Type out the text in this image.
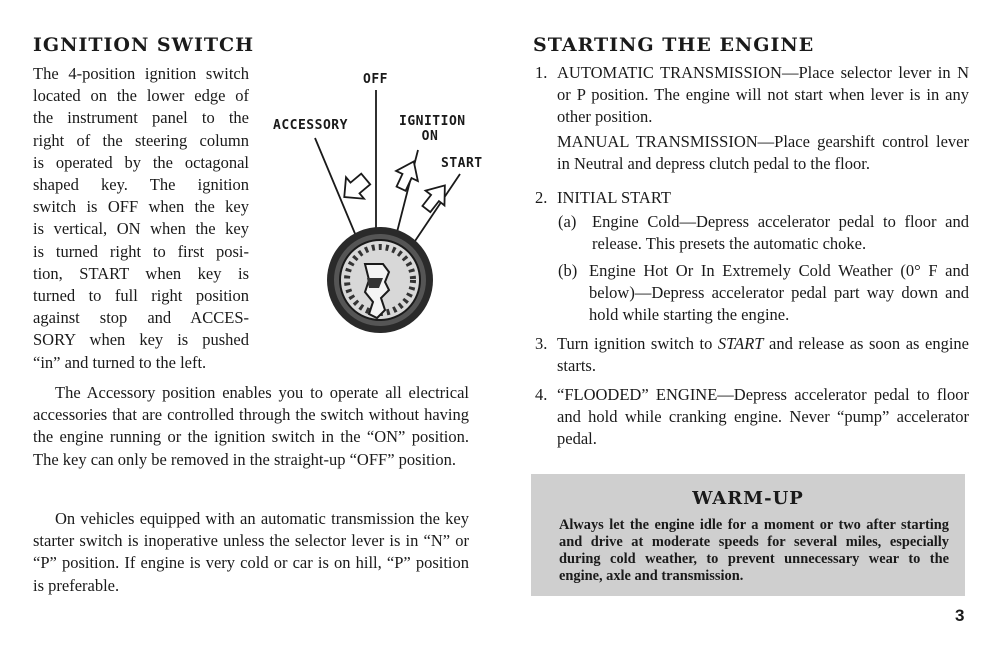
IGNITION SWITCH
The 4-position ignition switch
located on the lower edge of
the instrument panel to the
right of the steering column
is operated by the octagonal
shaped key. The ignition
switch is OFF when the key
is vertical, ON when the key
is turned right to first posi-
tion, START when key is
turned to full right position
against stop and ACCES-
SORY when key is pushed
“in” and turned to the left.
OFF
ACCESSORY	IGNITION
ON
START
The Accessory position enables you to operate all electrical accessories that are controlled through the switch without having the engine running or the ignition switch in the “ON” position. The key can only be removed in the straight-up “OFF” position.
On vehicles equipped with an automatic transmission the key starter switch is inoperative unless the selector lever is in “N” or “P” position. If engine is very cold or car is on hill, “P” position is preferable.
STARTING THE ENGINE
1. AUTOMATIC TRANSMISSION—Place selector lever in N or P position. The engine will not start when lever is in any other position.
MANUAL TRANSMISSION—Place gearshift control lever in Neutral and depress clutch pedal to the floor.
2. INITIAL START
(a) Engine Cold—Depress accelerator pedal to floor and release. This presets the automatic choke.
(b) Engine Hot Or In Extremely Cold Weather (0° F and below)—Depress accelerator pedal part way down and hold while starting the engine.
3. Turn ignition switch to START and release as soon as engine starts.
4. “FLOODED” ENGINE—Depress accelerator pedal to floor and hold while cranking engine. Never “pump” accelerator pedal.
WARM-UP

Always let the engine idle for a moment or two after starting and drive at moderate speeds for several miles, especially during cold weather, to prevent unnecessary wear to the engine, axle and transmission.

3
